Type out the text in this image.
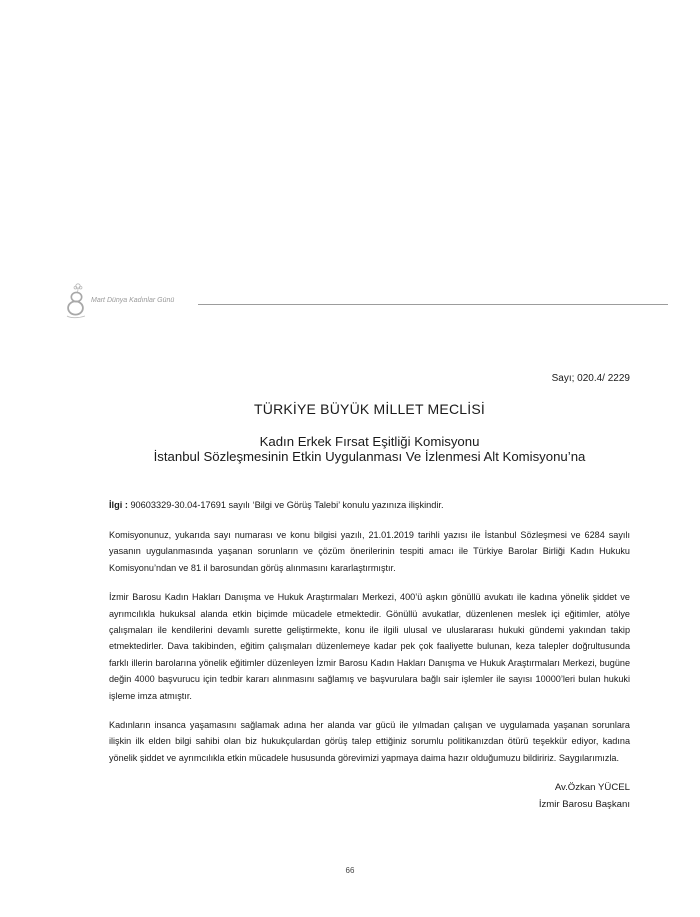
Mart Dünya Kadınlar Günü

Sayı; 020.4/ 2229

TÜRKİYE BÜYÜK MİLLET MECLİSİ

Kadın Erkek Fırsat Eşitliği Komisyonu

İstanbul Sözleşmesinin Etkin Uygulanması Ve İzlenmesi Alt Komisyonu’na

İlgi : 90603329-30.04-17691 sayılı ‘Bilgi ve Görüş Talebi’ konulu yazınıza ilişkindir.

Komisyonunuz, yukarıda sayı numarası ve konu bilgisi yazılı, 21.01.2019 tarihli yazısı ile İstanbul Sözleşmesi ve 6284 sayılı yasanın uygulanmasında yaşanan sorunların ve çözüm önerilerinin tespiti amacı ile Türkiye Barolar Birliği Kadın Hukuku Komisyonu’ndan ve 81 il barosundan görüş alınmasını kararlaştırmıştır.

İzmir Barosu Kadın Hakları Danışma ve Hukuk Araştırmaları Merkezi, 400’ü aşkın gönüllü avukatı ile kadına yönelik şiddet ve ayrımcılıkla hukuksal alanda etkin biçimde mücadele etmektedir. Gönüllü avukatlar, düzenlenen meslek içi eğitimler, atölye çalışmaları ile kendilerini devamlı surette geliştirmekte, konu ile ilgili ulusal ve uluslararası hukuki gündemi yakından takip etmektedirler. Dava takibinden, eğitim çalışmaları düzenlemeye kadar pek çok faaliyette bulunan, keza talepler doğrultusunda farklı illerin barolarına yönelik eğitimler düzenleyen İzmir Barosu Kadın Hakları Danışma ve Hukuk Araştırmaları Merkezi, bugüne değin 4000 başvurucu için tedbir kararı alınmasını sağlamış ve başvurulara bağlı sair işlemler ile sayısı 10000’leri bulan hukuki işleme imza atmıştır.

Kadınların insanca yaşamasını sağlamak adına her alanda var gücü ile yılmadan çalışan ve uygulamada yaşanan sorunlara ilişkin ilk elden bilgi sahibi olan biz hukukçulardan görüş talep ettiğiniz sorumlu politikanızdan ötürü teşekkür ediyor, kadına yönelik şiddet ve ayrımcılıkla etkin mücadele hususunda görevimizi yapmaya daima hazır olduğumuzu bildiririz. Saygılarımızla.

Av.Özkan YÜCEL
İzmir Barosu Başkanı
66
